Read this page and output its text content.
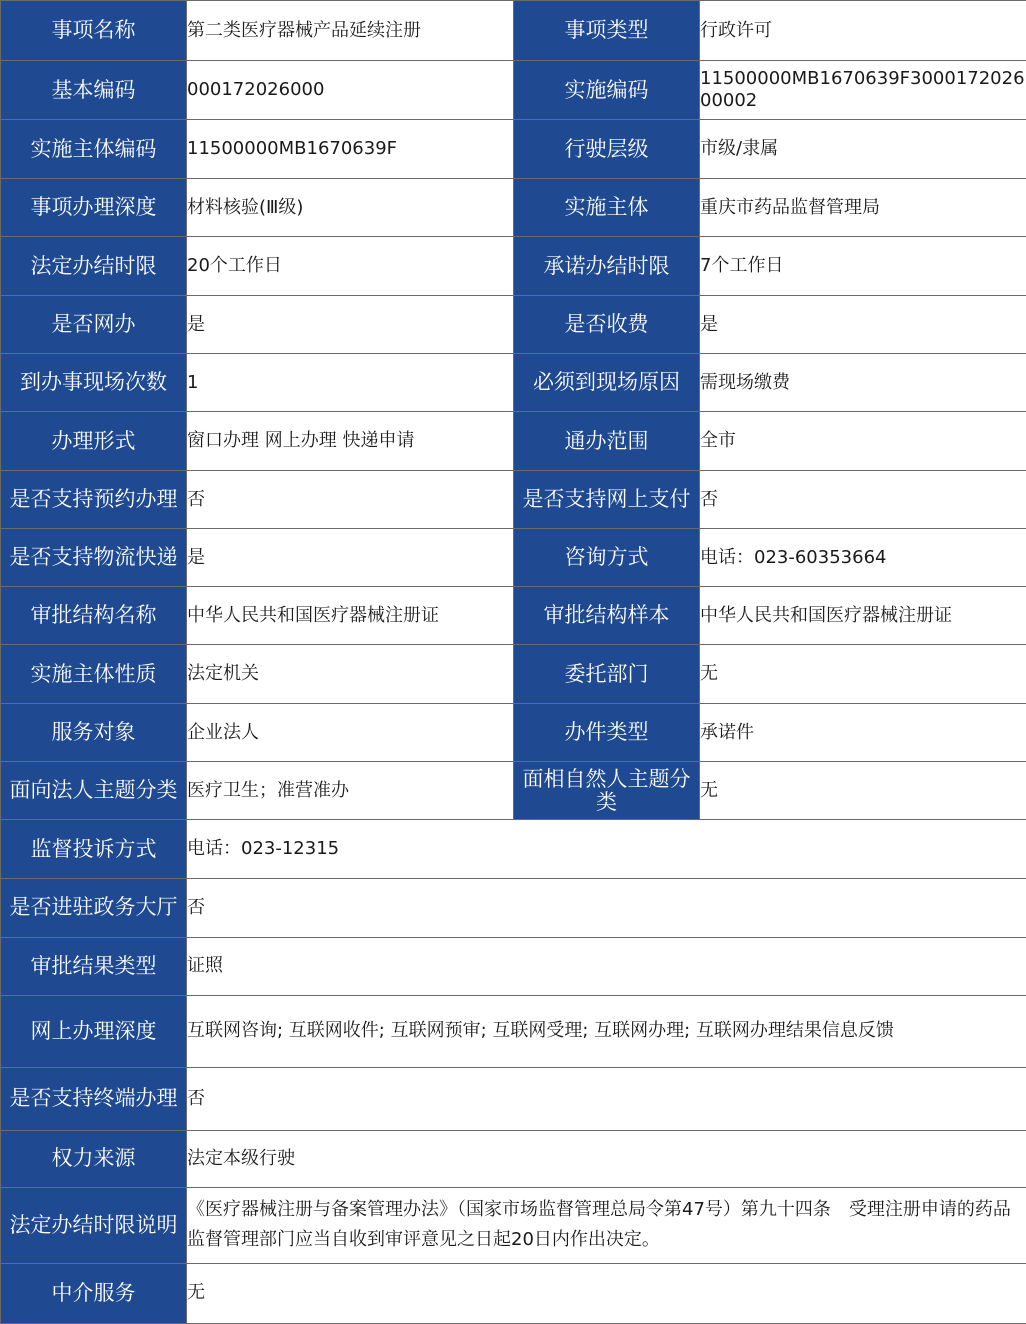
事项名称	第二类医疗器械产品延续注册	事项类型	行政许可
基本编码	000172026000	实施编码	11500000MB1670639F300017202600002
实施主体编码	11500000MB1670639F	行驶层级	市级/隶属
事项办理深度	材料核验(Ⅲ级)	实施主体	重庆市药品监督管理局
法定办结时限	20个工作日	承诺办结时限	7个工作日
是否网办	是	是否收费	是
到办事现场次数	1	必须到现场原因	需现场缴费
办理形式	窗口办理 网上办理 快递申请	通办范围	全市
是否支持预约办理	否	是否支持网上支付	否
是否支持物流快递	是	咨询方式	电话：023-60353664
审批结构名称	中华人民共和国医疗器械注册证	审批结构样本	中华人民共和国医疗器械注册证
实施主体性质	法定机关	委托部门	无
服务对象	企业法人	办件类型	承诺件
面向法人主题分类	医疗卫生；准营准办	面相自然人主题分类	无
监督投诉方式	电话：023-12315		
是否进驻政务大厅	否		
审批结果类型	证照		
网上办理深度	互联网咨询; 互联网收件; 互联网预审; 互联网受理; 互联网办理; 互联网办理结果信息反馈		
是否支持终端办理	否		
权力来源	法定本级行驶		
法定办结时限说明	《医疗器械注册与备案管理办法》（国家市场监督管理总局令第47号）第九十四条　受理注册申请的药品监督管理部门应当自收到审评意见之日起20日内作出决定。		
中介服务	无		
